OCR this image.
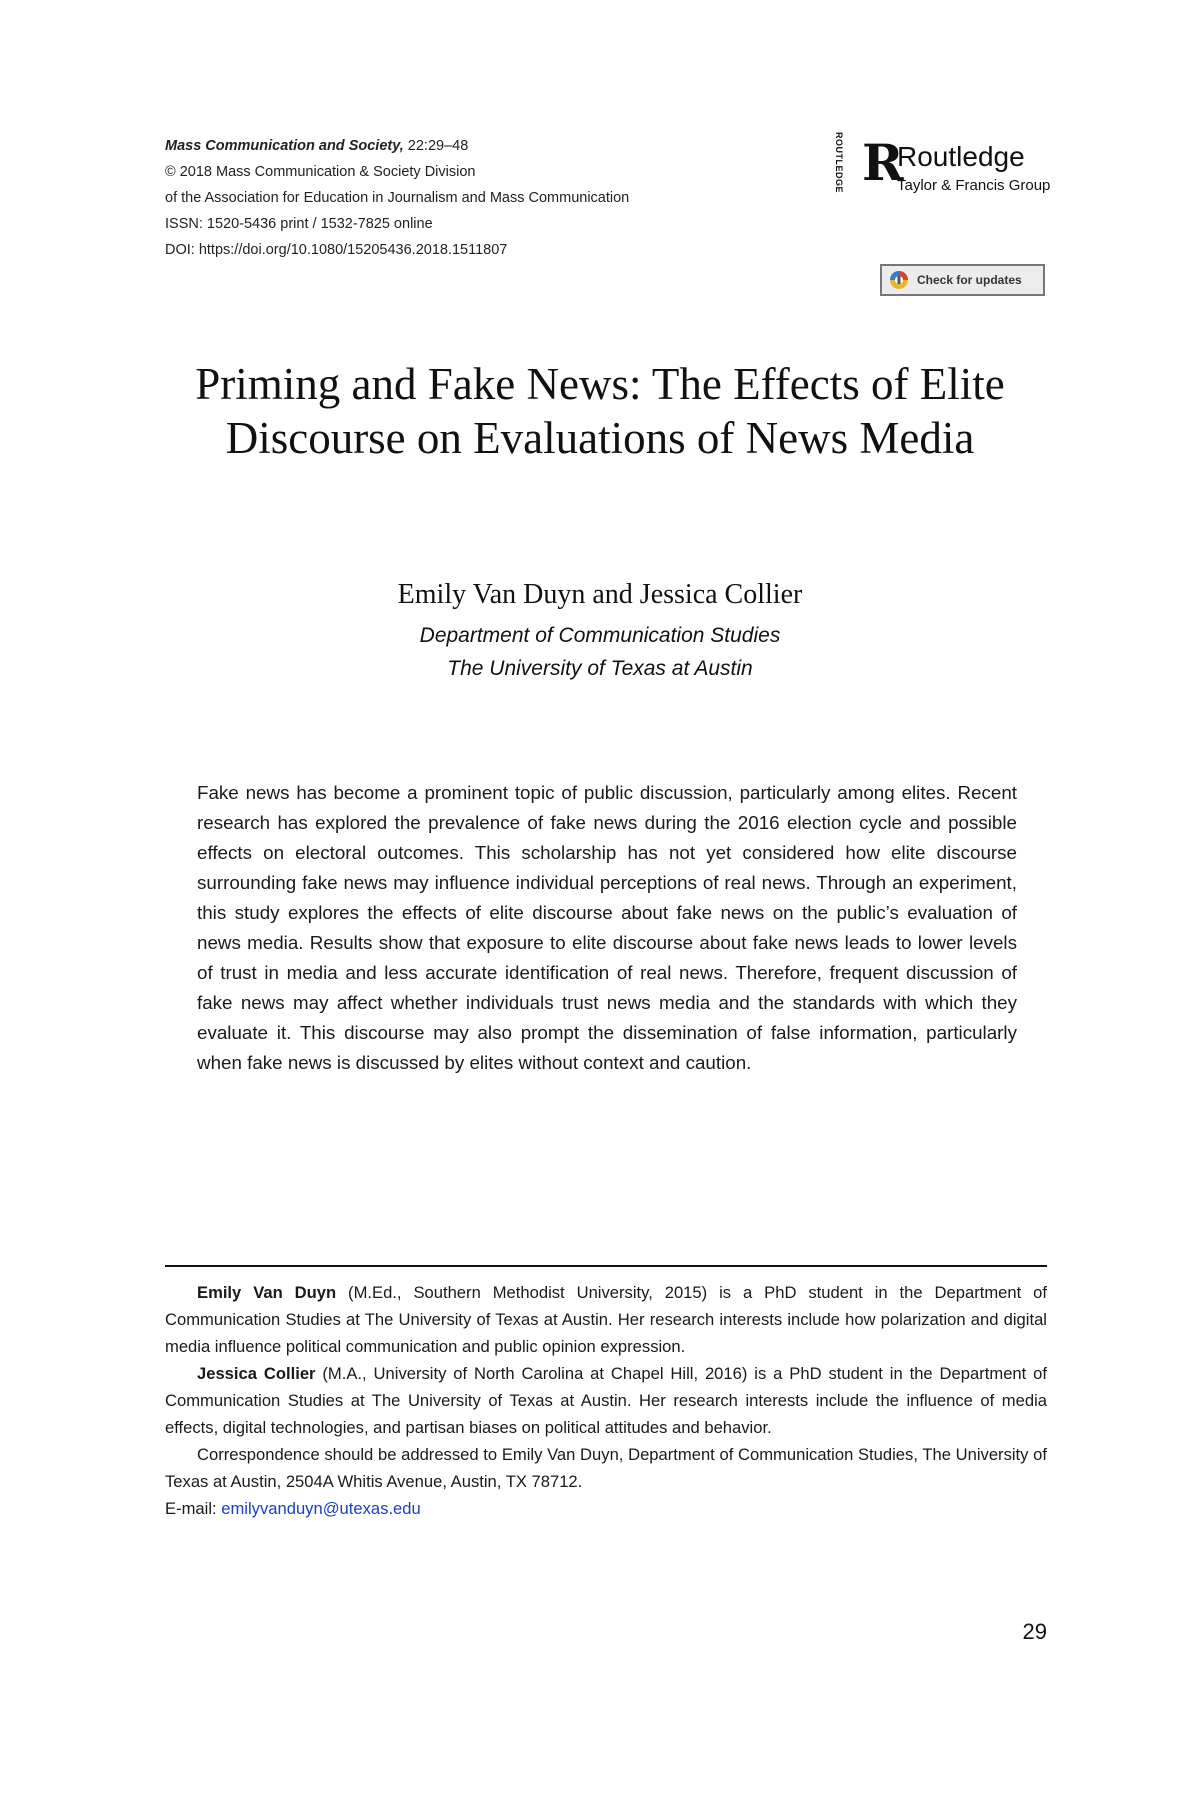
Mass Communication and Society, 22:29–48
© 2018 Mass Communication & Society Division
of the Association for Education in Journalism and Mass Communication
ISSN: 1520-5436 print / 1532-7825 online
DOI: https://doi.org/10.1080/15205436.2018.1511807
ROUTLEDGE R
Routledge
Taylor & Francis Group
Check for updates
Priming and Fake News: The Effects of Elite Discourse on Evaluations of News Media
Emily Van Duyn and Jessica Collier
Department of Communication Studies
The University of Texas at Austin

Fake news has become a prominent topic of public discussion, particularly among elites. Recent research has explored the prevalence of fake news during the 2016 election cycle and possible effects on electoral outcomes. This scholarship has not yet considered how elite discourse surrounding fake news may influence individual perceptions of real news. Through an experiment, this study explores the effects of elite discourse about fake news on the public’s evaluation of news media. Results show that exposure to elite discourse about fake news leads to lower levels of trust in media and less accurate identification of real news. Therefore, frequent discussion of fake news may affect whether individuals trust news media and the standards with which they evaluate it. This discourse may also prompt the dissemination of false information, particularly when fake news is discussed by elites without context and caution.

Emily Van Duyn (M.Ed., Southern Methodist University, 2015) is a PhD student in the Department of Communication Studies at The University of Texas at Austin. Her research interests include how polarization and digital media influence political communication and public opinion expression.

Jessica Collier (M.A., University of North Carolina at Chapel Hill, 2016) is a PhD student in the Department of Communication Studies at The University of Texas at Austin. Her research interests include the influence of media effects, digital technologies, and partisan biases on political attitudes and behavior.

Correspondence should be addressed to Emily Van Duyn, Department of Communication Studies, The University of Texas at Austin, 2504A Whitis Avenue, Austin, TX 78712.

E-mail: emilyvanduyn@utexas.edu
29
